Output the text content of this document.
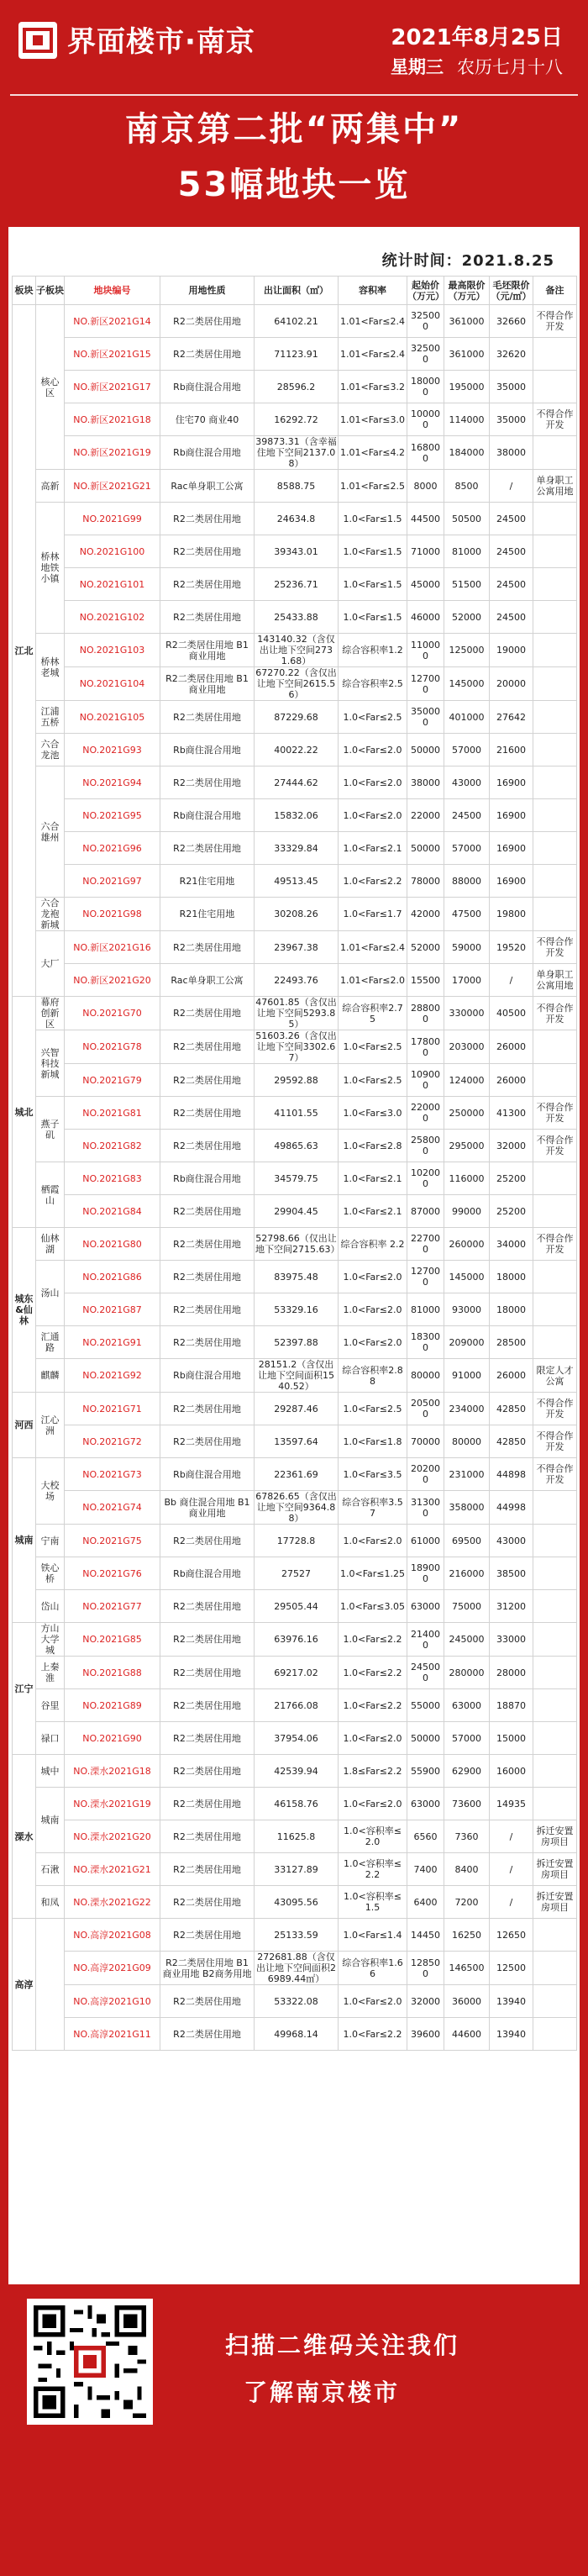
界面楼市·南京	2021年8月25日
星期三 农历七月十八
南京第二批“两集中”
53幅地块一览
统计时间：2021.8.25
板块	子板块	地块编号	用地性质	出让面积（㎡）	容积率	起始价（万元）	最高限价（万元）	毛坯限价（元/㎡）	备注
江北	核心区	NO.新区2021G14	R2二类居住用地	64102.21	1.01<Far≤2.4	325000	361000	32660	不得合作开发
		NO.新区2021G15	R2二类居住用地	71123.91	1.01<Far≤2.4	325000	361000	32620	
		NO.新区2021G17	Rb商住混合用地	28596.2	1.01<Far≤3.2	180000	195000	35000	
		NO.新区2021G18	住宅70 商业40	16292.72	1.01<Far≤3.0	100000	114000	35000	不得合作开发
		NO.新区2021G19	Rb商住混合用地	39873.31（含幸福住地下空间2137.08）	1.01<Far≤4.2	168000	184000	38000	
	高新	NO.新区2021G21	Rac单身职工公寓	8588.75	1.01<Far≤2.5	8000	8500	/	单身职工公寓用地
	桥林地铁小镇	NO.2021G99	R2二类居住用地	24634.8	1.0<Far≤1.5	44500	50500	24500	
		NO.2021G100	R2二类居住用地	39343.01	1.0<Far≤1.5	71000	81000	24500	
		NO.2021G101	R2二类居住用地	25236.71	1.0<Far≤1.5	45000	51500	24500	
		NO.2021G102	R2二类居住用地	25433.88	1.0<Far≤1.5	46000	52000	24500	
	桥林老城	NO.2021G103	R2二类居住用地 B1商业用地	143140.32（含仅出让地下空间2731.68）	综合容积率1.2	110000	125000	19000	
		NO.2021G104	R2二类居住用地 B1商业用地	67270.22（含仅出让地下空间2615.56）	综合容积率2.5	127000	145000	20000	
	江浦五桥	NO.2021G105	R2二类居住用地	87229.68	1.0<Far≤2.5	350000	401000	27642	
	六合龙池	NO.2021G93	Rb商住混合用地	40022.22	1.0<Far≤2.0	50000	57000	21600	
	六合雄州	NO.2021G94	R2二类居住用地	27444.62	1.0<Far≤2.0	38000	43000	16900	
		NO.2021G95	Rb商住混合用地	15832.06	1.0<Far≤2.0	22000	24500	16900	
		NO.2021G96	R2二类居住用地	33329.84	1.0<Far≤2.1	50000	57000	16900	
		NO.2021G97	R21住宅用地	49513.45	1.0<Far≤2.2	78000	88000	16900	
	六合龙袍新城	NO.2021G98	R21住宅用地	30208.26	1.0<Far≤1.7	42000	47500	19800	
	大厂	NO.新区2021G16	R2二类居住用地	23967.38	1.01<Far≤2.4	52000	59000	19520	不得合作开发
		NO.新区2021G20	Rac单身职工公寓	22493.76	1.01<Far≤2.0	15500	17000	/	单身职工公寓用地
城北	幕府创新区	NO.2021G70	R2二类居住用地	47601.85（含仅出让地下空间5293.85）	综合容积率2.75	288000	330000	40500	不得合作开发
	兴智科技新城	NO.2021G78	R2二类居住用地	51603.26（含仅出让地下空间3302.67）	1.0<Far≤2.5	178000	203000	26000	
		NO.2021G79	R2二类居住用地	29592.88	1.0<Far≤2.5	109000	124000	26000	
	燕子矶	NO.2021G81	R2二类居住用地	41101.55	1.0<Far≤3.0	220000	250000	41300	不得合作开发
		NO.2021G82	R2二类居住用地	49865.63	1.0<Far≤2.8	258000	295000	32000	不得合作开发
	栖霞山	NO.2021G83	Rb商住混合用地	34579.75	1.0<Far≤2.1	102000	116000	25200	
		NO.2021G84	R2二类居住用地	29904.45	1.0<Far≤2.1	87000	99000	25200	
城东&仙林	仙林湖	NO.2021G80	R2二类居住用地	52798.66（仅出让地下空间2715.63）	综合容积率 2.2	227000	260000	34000	不得合作开发
	汤山	NO.2021G86	R2二类居住用地	83975.48	1.0<Far≤2.0	127000	145000	18000	
		NO.2021G87	R2二类居住用地	53329.16	1.0<Far≤2.0	81000	93000	18000	
	汇通路	NO.2021G91	R2二类居住用地	52397.88	1.0<Far≤2.0	183000	209000	28500	
	麒麟	NO.2021G92	Rb商住混合用地	28151.2（含仅出让地下空间面积1540.52）	综合容积率2.88	80000	91000	26000	限定人才公寓
河西	江心洲	NO.2021G71	R2二类居住用地	29287.46	1.0<Far≤2.5	205000	234000	42850	不得合作开发
		NO.2021G72	R2二类居住用地	13597.64	1.0<Far≤1.8	70000	80000	42850	不得合作开发
城南	大校场	NO.2021G73	Rb商住混合用地	22361.69	1.0<Far≤3.5	202000	231000	44898	不得合作开发
		NO.2021G74	Bb 商住混合用地 B1商业用地	67826.65（含仅出让地下空间9364.88）	综合容积率3.57	313000	358000	44998	
	宁南	NO.2021G75	R2二类居住用地	17728.8	1.0<Far≤2.0	61000	69500	43000	
	铁心桥	NO.2021G76	Rb商住混合用地	27527	1.0<Far≤1.25	189000	216000	38500	
	岱山	NO.2021G77	R2二类居住用地	29505.44	1.0<Far≤3.05	63000	75000	31200	
江宁	方山大学城	NO.2021G85	R2二类居住用地	63976.16	1.0<Far≤2.2	214000	245000	33000	
	上秦淮	NO.2021G88	R2二类居住用地	69217.02	1.0<Far≤2.2	245000	280000	28000	
	谷里	NO.2021G89	R2二类居住用地	21766.08	1.0<Far≤2.2	55000	63000	18870	
	禄口	NO.2021G90	R2二类居住用地	37954.06	1.0<Far≤2.0	50000	57000	15000	
溧水	城中	NO.溧水2021G18	R2二类居住用地	42539.94	1.8≤Far≤2.2	55900	62900	16000	
	城南	NO.溧水2021G19	R2二类居住用地	46158.76	1.0<Far≤2.0	63000	73600	14935	
		NO.溧水2021G20	R2二类居住用地	11625.8	1.0<容积率≤2.0	6560	7360	/	拆迁安置房项目
	石湫	NO.溧水2021G21	R2二类居住用地	33127.89	1.0<容积率≤2.2	7400	8400	/	拆迁安置房项目
	和凤	NO.溧水2021G22	R2二类居住用地	43095.56	1.0<容积率≤1.5	6400	7200	/	拆迁安置房项目
高淳		NO.高淳2021G08	R2二类居住用地	25133.59	1.0<Far≤1.4	14450	16250	12650	
		NO.高淳2021G09	R2二类居住用地 B1商业用地 B2商务用地	272681.88（含仅出让地下空间面积26989.44㎡）	综合容积率1.66	128500	146500	12500	
		NO.高淳2021G10	R2二类居住用地	53322.08	1.0<Far≤2.0	32000	36000	13940	
		NO.高淳2021G11	R2二类居住用地	49968.14	1.0<Far≤2.2	39600	44600	13940	
扫描二维码关注我们
了解南京楼市
